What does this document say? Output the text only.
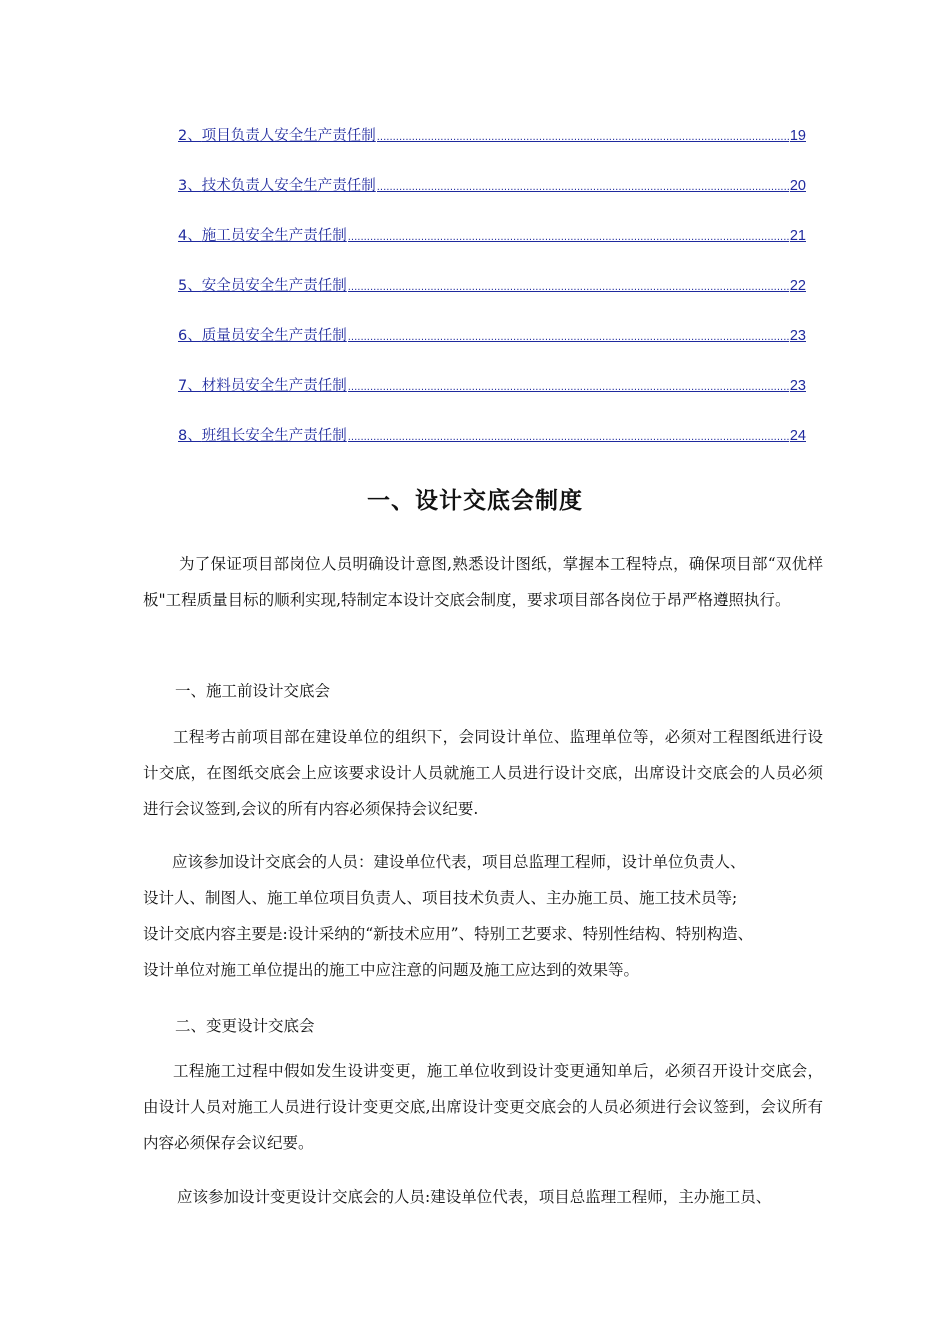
2、 项目负责人安全生产责任制 .....	19
3、 技术负责人安全生产责任制 .....	20
4、 施工员安全生产责任制 .....	21
5、 安全员安全生产责任制 .....	22
6、 质量员安全生产责任制 .....	23
7、 材料员安全生产责任制 .....	23
8、 班组长安全生产责任制 .....	24
一、设计交底会制度
为了保证项目部岗位人员明确设计意图,熟悉设计图纸，掌握本工程特点，确保项目部“双优样板"工程质量目标的顺利实现,特制定本设计交底会制度，要求项目部各岗位于昂严格遵照执行。
一、施工前设计交底会
工程考古前项目部在建设单位的组织下，会同设计单位、监理单位等，必须对工程图纸进行设计交底，在图纸交底会上应该要求设计人员就施工人员进行设计交底，出席设计交底会的人员必须进行会议签到,会议的所有内容必须保持会议纪要.
应该参加设计交底会的人员：建设单位代表，项目总监理工程师，设计单位负责人、
设计人、制图人、施工单位项目负责人、项目技术负责人、主办施工员、施工技术员等;
设计交底内容主要是:设计采纳的“新技术应用”、特别工艺要求、特别性结构、特别构造、
设计单位对施工单位提出的施工中应注意的问题及施工应达到的效果等。
二、变更设计交底会
工程施工过程中假如发生设讲变更，施工单位收到设计变更通知单后，必须召开设计交底会，由设计人员对施工人员进行设计变更交底,出席设计变更交底会的人员必须进行会议签到，会议所有内容必须保存会议纪要。
应该参加设计变更设计交底会的人员:建设单位代表，项目总监理工程师，主办施工员、
